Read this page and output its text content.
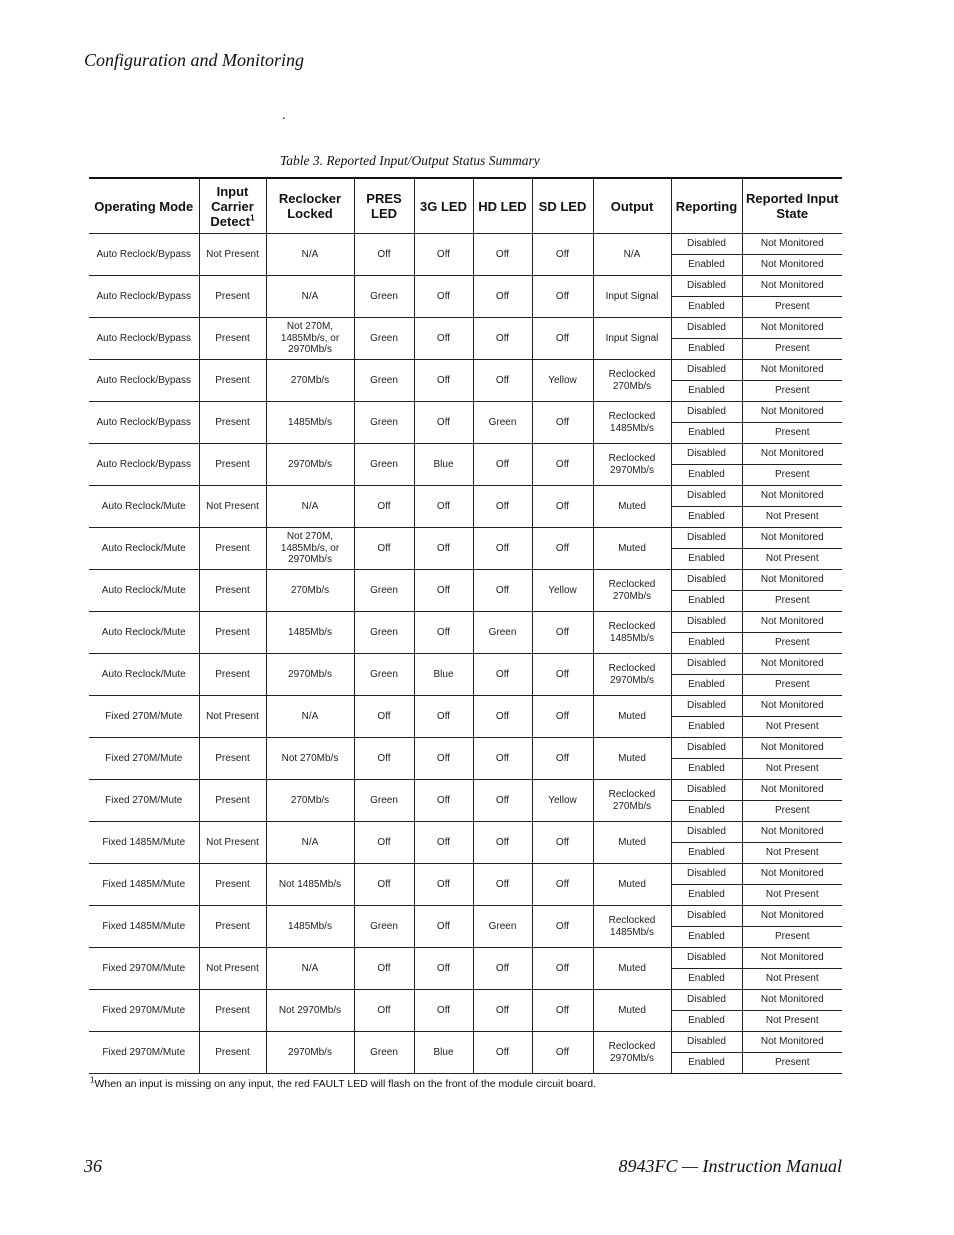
Configuration and Monitoring
.
Table 3. Reported Input/Output Status Summary
Operating Mode	Input Carrier Detect$^1$	Reclocker Locked	PRES LED	3G LED	HD LED	SD LED	Output	Reporting	Reported Input State
Auto Reclock/Bypass	Not Present	N/A	Off	Off	Off	Off	N/A	Disabled	Not Monitored
								Enabled	Not Monitored
Auto Reclock/Bypass	Present	N/A	Green	Off	Off	Off	Input Signal	Disabled	Not Monitored
								Enabled	Present
Auto Reclock/Bypass	Present	Not 270M, 1485Mb/s, or 2970Mb/s	Green	Off	Off	Off	Input Signal	Disabled	Not Monitored
								Enabled	Present
Auto Reclock/Bypass	Present	270Mb/s	Green	Off	Off	Yellow	Reclocked 270Mb/s	Disabled	Not Monitored
								Enabled	Present
Auto Reclock/Bypass	Present	1485Mb/s	Green	Off	Green	Off	Reclocked 1485Mb/s	Disabled	Not Monitored
								Enabled	Present
Auto Reclock/Bypass	Present	2970Mb/s	Green	Blue	Off	Off	Reclocked 2970Mb/s	Disabled	Not Monitored
								Enabled	Present
Auto Reclock/Mute	Not Present	N/A	Off	Off	Off	Off	Muted	Disabled	Not Monitored
								Enabled	Not Present
Auto Reclock/Mute	Present	Not 270M, 1485Mb/s, or 2970Mb/s	Off	Off	Off	Off	Muted	Disabled	Not Monitored
								Enabled	Not Present
Auto Reclock/Mute	Present	270Mb/s	Green	Off	Off	Yellow	Reclocked 270Mb/s	Disabled	Not Monitored
								Enabled	Present
Auto Reclock/Mute	Present	1485Mb/s	Green	Off	Green	Off	Reclocked 1485Mb/s	Disabled	Not Monitored
								Enabled	Present
Auto Reclock/Mute	Present	2970Mb/s	Green	Blue	Off	Off	Reclocked 2970Mb/s	Disabled	Not Monitored
								Enabled	Present
Fixed 270M/Mute	Not Present	N/A	Off	Off	Off	Off	Muted	Disabled	Not Monitored
								Enabled	Not Present
Fixed 270M/Mute	Present	Not 270Mb/s	Off	Off	Off	Off	Muted	Disabled	Not Monitored
								Enabled	Not Present
Fixed 270M/Mute	Present	270Mb/s	Green	Off	Off	Yellow	Reclocked 270Mb/s	Disabled	Not Monitored
								Enabled	Present
Fixed 1485M/Mute	Not Present	N/A	Off	Off	Off	Off	Muted	Disabled	Not Monitored
								Enabled	Not Present
Fixed 1485M/Mute	Present	Not 1485Mb/s	Off	Off	Off	Off	Muted	Disabled	Not Monitored
								Enabled	Not Present
Fixed 1485M/Mute	Present	1485Mb/s	Green	Off	Green	Off	Reclocked 1485Mb/s	Disabled	Not Monitored
								Enabled	Present
Fixed 2970M/Mute	Not Present	N/A	Off	Off	Off	Off	Muted	Disabled	Not Monitored
								Enabled	Not Present
Fixed 2970M/Mute	Present	Not 2970Mb/s	Off	Off	Off	Off	Muted	Disabled	Not Monitored
								Enabled	Not Present
Fixed 2970M/Mute	Present	2970Mb/s	Green	Blue	Off	Off	Reclocked 2970Mb/s	Disabled	Not Monitored
								Enabled	Present
$^1$When an input is missing on any input, the red FAULT LED will flash on the front of the module circuit board.
36	8943FC — Instruction Manual
